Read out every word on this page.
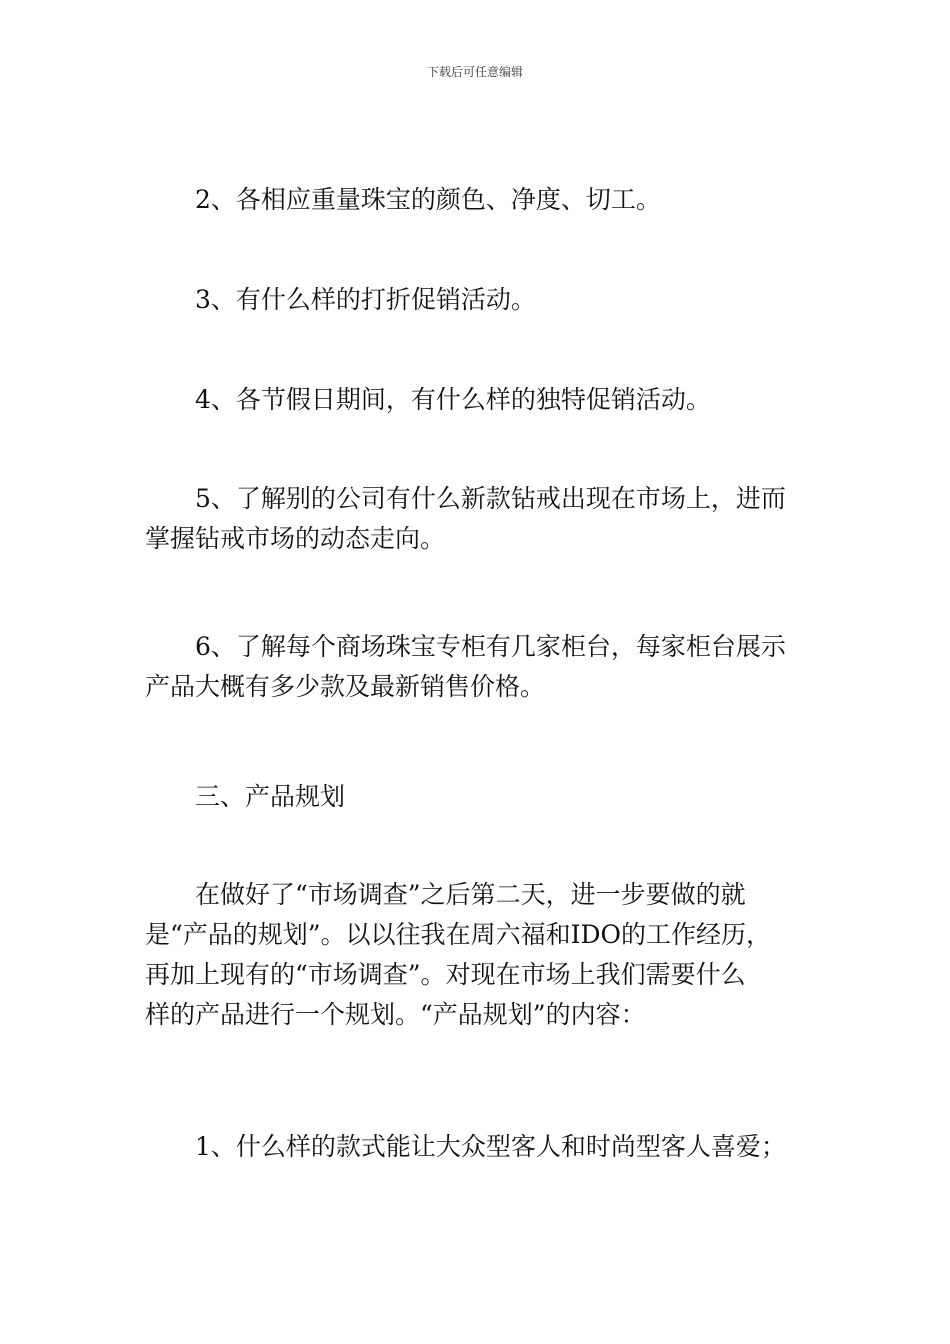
下载后可任意编辑
2、各相应重量珠宝的颜色、净度、切工。
3、有什么样的打折促销活动。
4、各节假日期间，有什么样的独特促销活动。
5、了解别的公司有什么新款钻戒出现在市场上，进而
掌握钻戒市场的动态走向。
6、了解每个商场珠宝专柜有几家柜台，每家柜台展示
产品大概有多少款及最新销售价格。
三、产品规划
在做好了“市场调查”之后第二天，进一步要做的就
是“产品的规划”。以以往我在周六福和IDO的工作经历，
再加上现有的“市场调查”。对现在市场上我们需要什么
样的产品进行一个规划。“产品规划”的内容：
1、什么样的款式能让大众型客人和时尚型客人喜爱；
